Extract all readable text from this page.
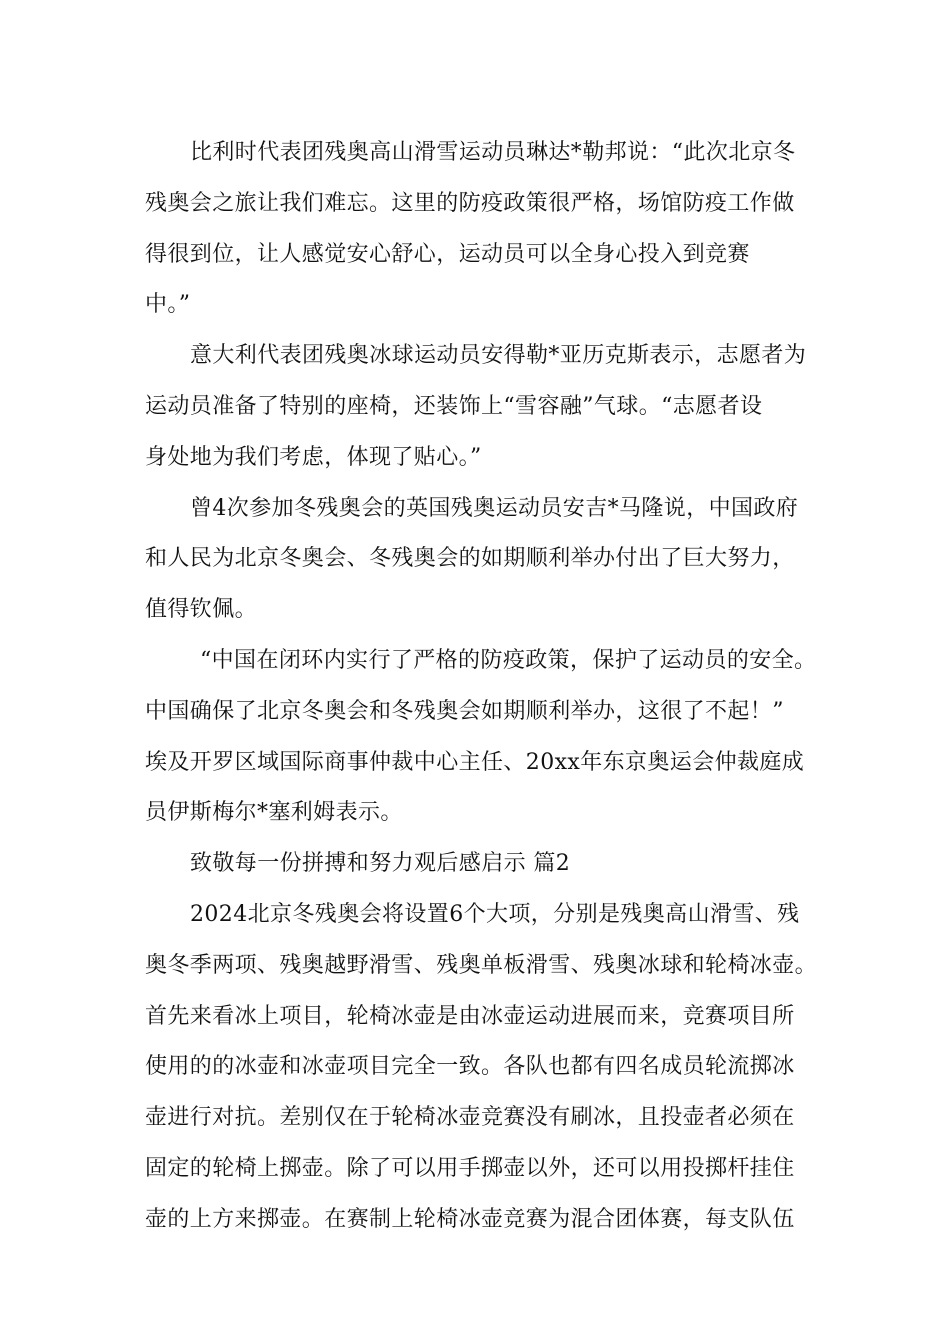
比利时代表团残奥高山滑雪运动员琳达*勒邦说：“此次北京冬
残奥会之旅让我们难忘。这里的防疫政策很严格，场馆防疫工作做
得很到位，让人感觉安心舒心，运动员可以全身心投入到竞赛
中。”
意大利代表团残奥冰球运动员安得勒*亚历克斯表示，志愿者为
运动员准备了特别的座椅，还装饰上“雪容融”气球。“志愿者设
身处地为我们考虑，体现了贴心。”
曾4次参加冬残奥会的英国残奥运动员安吉*马隆说，中国政府
和人民为北京冬奥会、冬残奥会的如期顺利举办付出了巨大努力，
值得钦佩。
“中国在闭环内实行了严格的防疫政策，保护了运动员的安全。
中国确保了北京冬奥会和冬残奥会如期顺利举办，这很了不起！”
埃及开罗区域国际商事仲裁中心主任、20xx年东京奥运会仲裁庭成
员伊斯梅尔*塞利姆表示。
致敬每一份拼搏和努力观后感启示 篇2
2024北京冬残奥会将设置6个大项，分别是残奥高山滑雪、残
奥冬季两项、残奥越野滑雪、残奥单板滑雪、残奥冰球和轮椅冰壶。
首先来看冰上项目，轮椅冰壶是由冰壶运动进展而来，竞赛项目所
使用的的冰壶和冰壶项目完全一致。各队也都有四名成员轮流掷冰
壶进行对抗。差别仅在于轮椅冰壶竞赛没有刷冰，且投壶者必须在
固定的轮椅上掷壶。除了可以用手掷壶以外，还可以用投掷杆挂住
壶的上方来掷壶。在赛制上轮椅冰壶竞赛为混合团体赛，每支队伍
